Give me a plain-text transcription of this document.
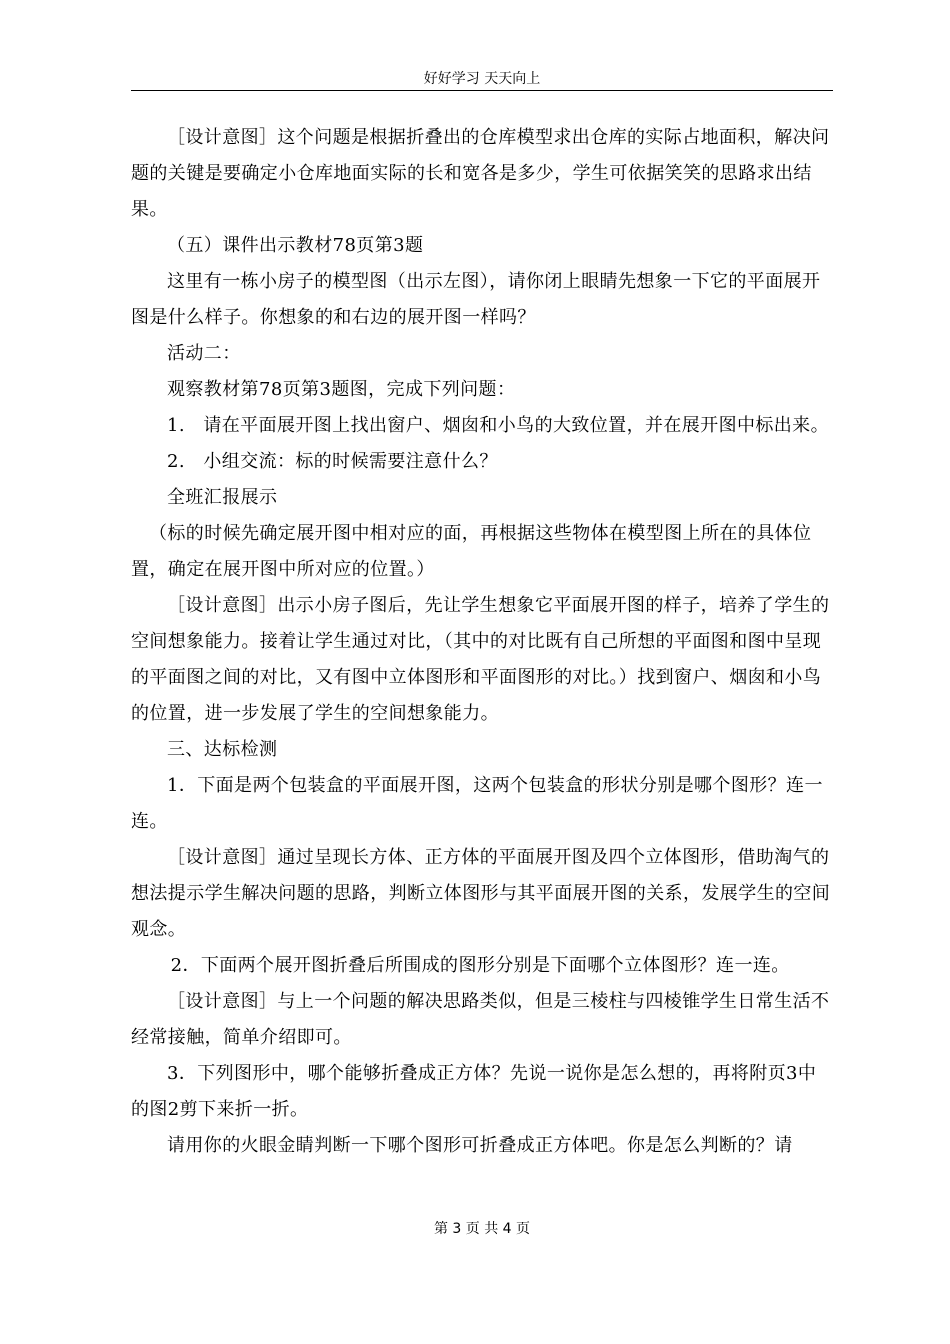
好好学习 天天向上

［设计意图］这个问题是根据折叠出的仓库模型求出仓库的实际占地面积，解决问题的关键是要确定小仓库地面实际的长和宽各是多少，学生可依据笑笑的思路求出结果。

（五）课件出示教材78页第3题

这里有一栋小房子的模型图（出示左图），请你闭上眼睛先想象一下它的平面展开图是什么样子。你想象的和右边的展开图一样吗？

活动二：

观察教材第78页第3题图，完成下列问题：

1.　请在平面展开图上找出窗户、烟囱和小鸟的大致位置，并在展开图中标出来。

2.　小组交流：标的时候需要注意什么？

全班汇报展示

（标的时候先确定展开图中相对应的面，再根据这些物体在模型图上所在的具体位置，确定在展开图中所对应的位置。）

［设计意图］出示小房子图后，先让学生想象它平面展开图的样子，培养了学生的空间想象能力。接着让学生通过对比，（其中的对比既有自己所想的平面图和图中呈现的平面图之间的对比，又有图中立体图形和平面图形的对比。）找到窗户、烟囱和小鸟的位置，进一步发展了学生的空间想象能力。

三、达标检测

1．下面是两个包装盒的平面展开图，这两个包装盒的形状分别是哪个图形？连一连。

［设计意图］通过呈现长方体、正方体的平面展开图及四个立体图形，借助淘气的想法提示学生解决问题的思路，判断立体图形与其平面展开图的关系，发展学生的空间观念。

2．下面两个展开图折叠后所围成的图形分别是下面哪个立体图形？连一连。

［设计意图］与上一个问题的解决思路类似，但是三棱柱与四棱锥学生日常生活不经常接触，简单介绍即可。

3．下列图形中，哪个能够折叠成正方体？先说一说你是怎么想的，再将附页3中的图2剪下来折一折。

请用你的火眼金睛判断一下哪个图形可折叠成正方体吧。你是怎么判断的？请

第 3 页 共 4 页
